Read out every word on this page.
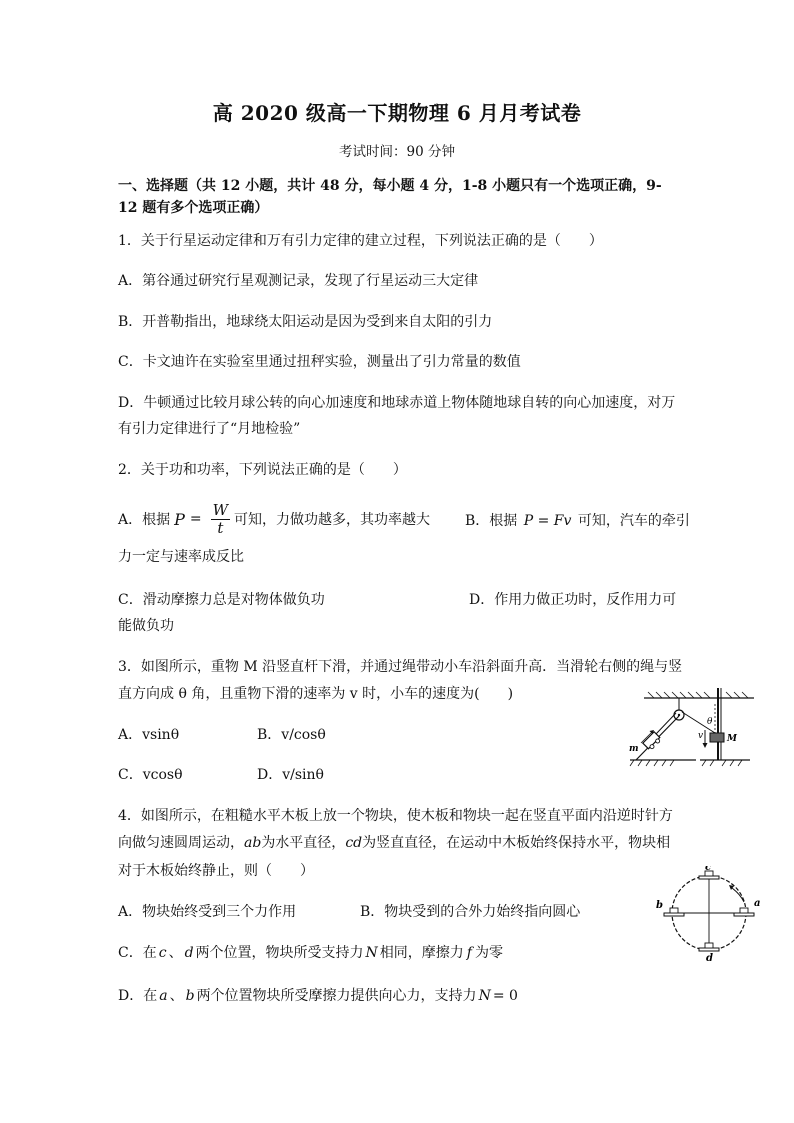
高 2020 级高一下期物理 6 月月考试卷
考试时间：90 分钟
一、选择题（共 12 小题，共计 48 分，每小题 4 分，1-8 小题只有一个选项正确，9-12 题有多个选项正确）
1．关于行星运动定律和万有引力定律的建立过程，下列说法正确的是（　　）
A．第谷通过研究行星观测记录，发现了行星运动三大定律
B．开普勒指出，地球绕太阳运动是因为受到来自太阳的引力
C．卡文迪许在实验室里通过扭秤实验，测量出了引力常量的数值
D．牛顿通过比较月球公转的向心加速度和地球赤道上物体随地球自转的向心加速度，对万
有引力定律进行了“月地检验”
2．关于功和功率，下列说法正确的是（　　）
A．根据 $P = \frac{W}{t}$ 可知，力做功越多，其功率越大 B．根据 P = Fv 可知，汽车的牵引
力一定与速率成反比
C．滑动摩擦力总是对物体做负功	D．作用力做正功时，反作用力可
能做负功
3．如图所示，重物 M 沿竖直杆下滑，并通过绳带动小车沿斜面升高．当滑轮右侧的绳与竖
直方向成 θ 角，且重物下滑的速率为 v 时，小车的速度为(　　)
A．vsinθ	B．v/cosθ
C．vcosθ	D．v/sinθ
θ
v	M
m
4．如图所示，在粗糙水平木板上放一个物块，使木板和物块一起在竖直平面内沿逆时针方
向做匀速圆周运动，ab为水平直径，cd为竖直直径，在运动中木板始终保持水平，物块相
对于木板始终静止，则（　　）
A．物块始终受到三个力作用	B．物块受到的合外力始终指向圆心
C．在 c 、 d 两个位置，物块所受支持力 N 相同，摩擦力 f 为零
D．在 a 、 b 两个位置物块所受摩擦力提供向心力，支持力 N = 0
a
b
c
d
